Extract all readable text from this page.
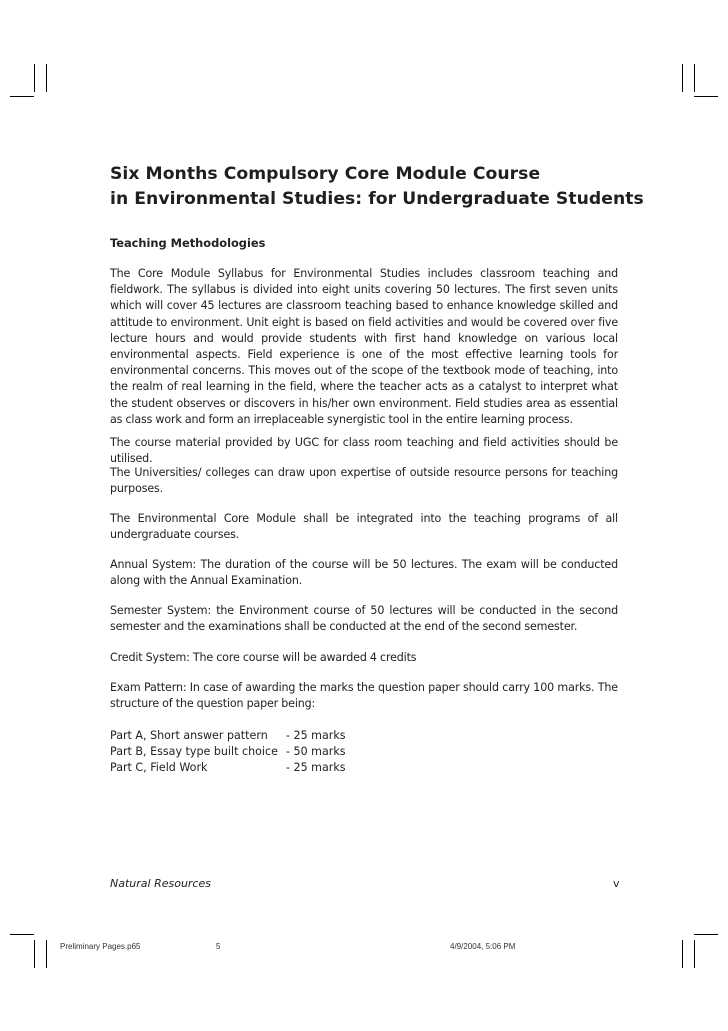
Six Months Compulsory Core Module Course
in Environmental Studies: for Undergraduate Students
Teaching Methodologies
The Core Module Syllabus for Environmental Studies includes classroom teaching and fieldwork. The syllabus is divided into eight units covering 50 lectures. The first seven units which will cover 45 lectures are classroom teaching based to enhance knowledge skilled and attitude to environment. Unit eight is based on field activities and would be covered over five lecture hours and would provide students with first hand knowledge on various local environmental aspects. Field experience is one of the most effective learning tools for environmental concerns. This moves out of the scope of the textbook mode of teaching, into the realm of real learning in the field, where the teacher acts as a catalyst to interpret what the student observes or discovers in his/her own environment. Field studies area as essential as class work and form an irreplaceable synergistic tool in the entire learning process.
The course material provided by UGC for class room teaching and field activities should be utilised.
The Universities/ colleges can draw upon expertise of outside resource persons for teaching purposes.
The Environmental Core Module shall be integrated into the teaching programs of all undergraduate courses.
Annual System: The duration of the course will be 50 lectures. The exam will be conducted along with the Annual Examination.
Semester System: the Environment course of 50 lectures will be conducted in the second semester and the examinations shall be conducted at the end of the second semester.
Credit System: The core course will be awarded 4 credits
Exam Pattern: In case of awarding the marks the question paper should carry 100 marks. The structure of the question paper being:
Part A, Short answer pattern	- 25 marks
Part B, Essay type built choice - 50 marks
Part C, Field Work	- 25 marks
Natural Resources	v
Preliminary Pages.p65	5	4/9/2004, 5:06 PM
